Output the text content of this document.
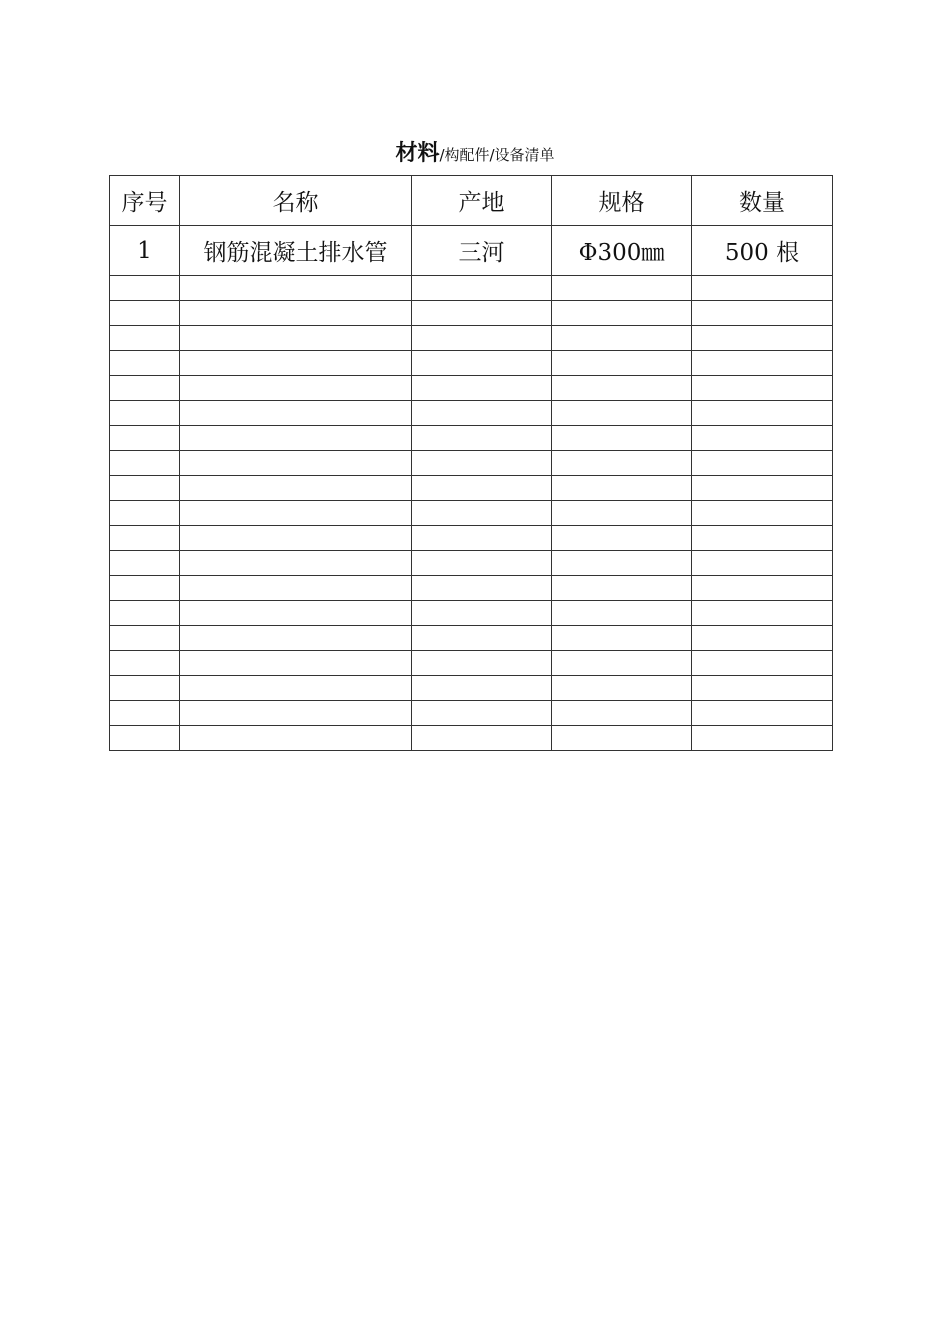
材料/构配件/设备清单
序号	名称	产地	规格	数量
1	钢筋混凝土排水管	三河	Φ300㎜	500 根
